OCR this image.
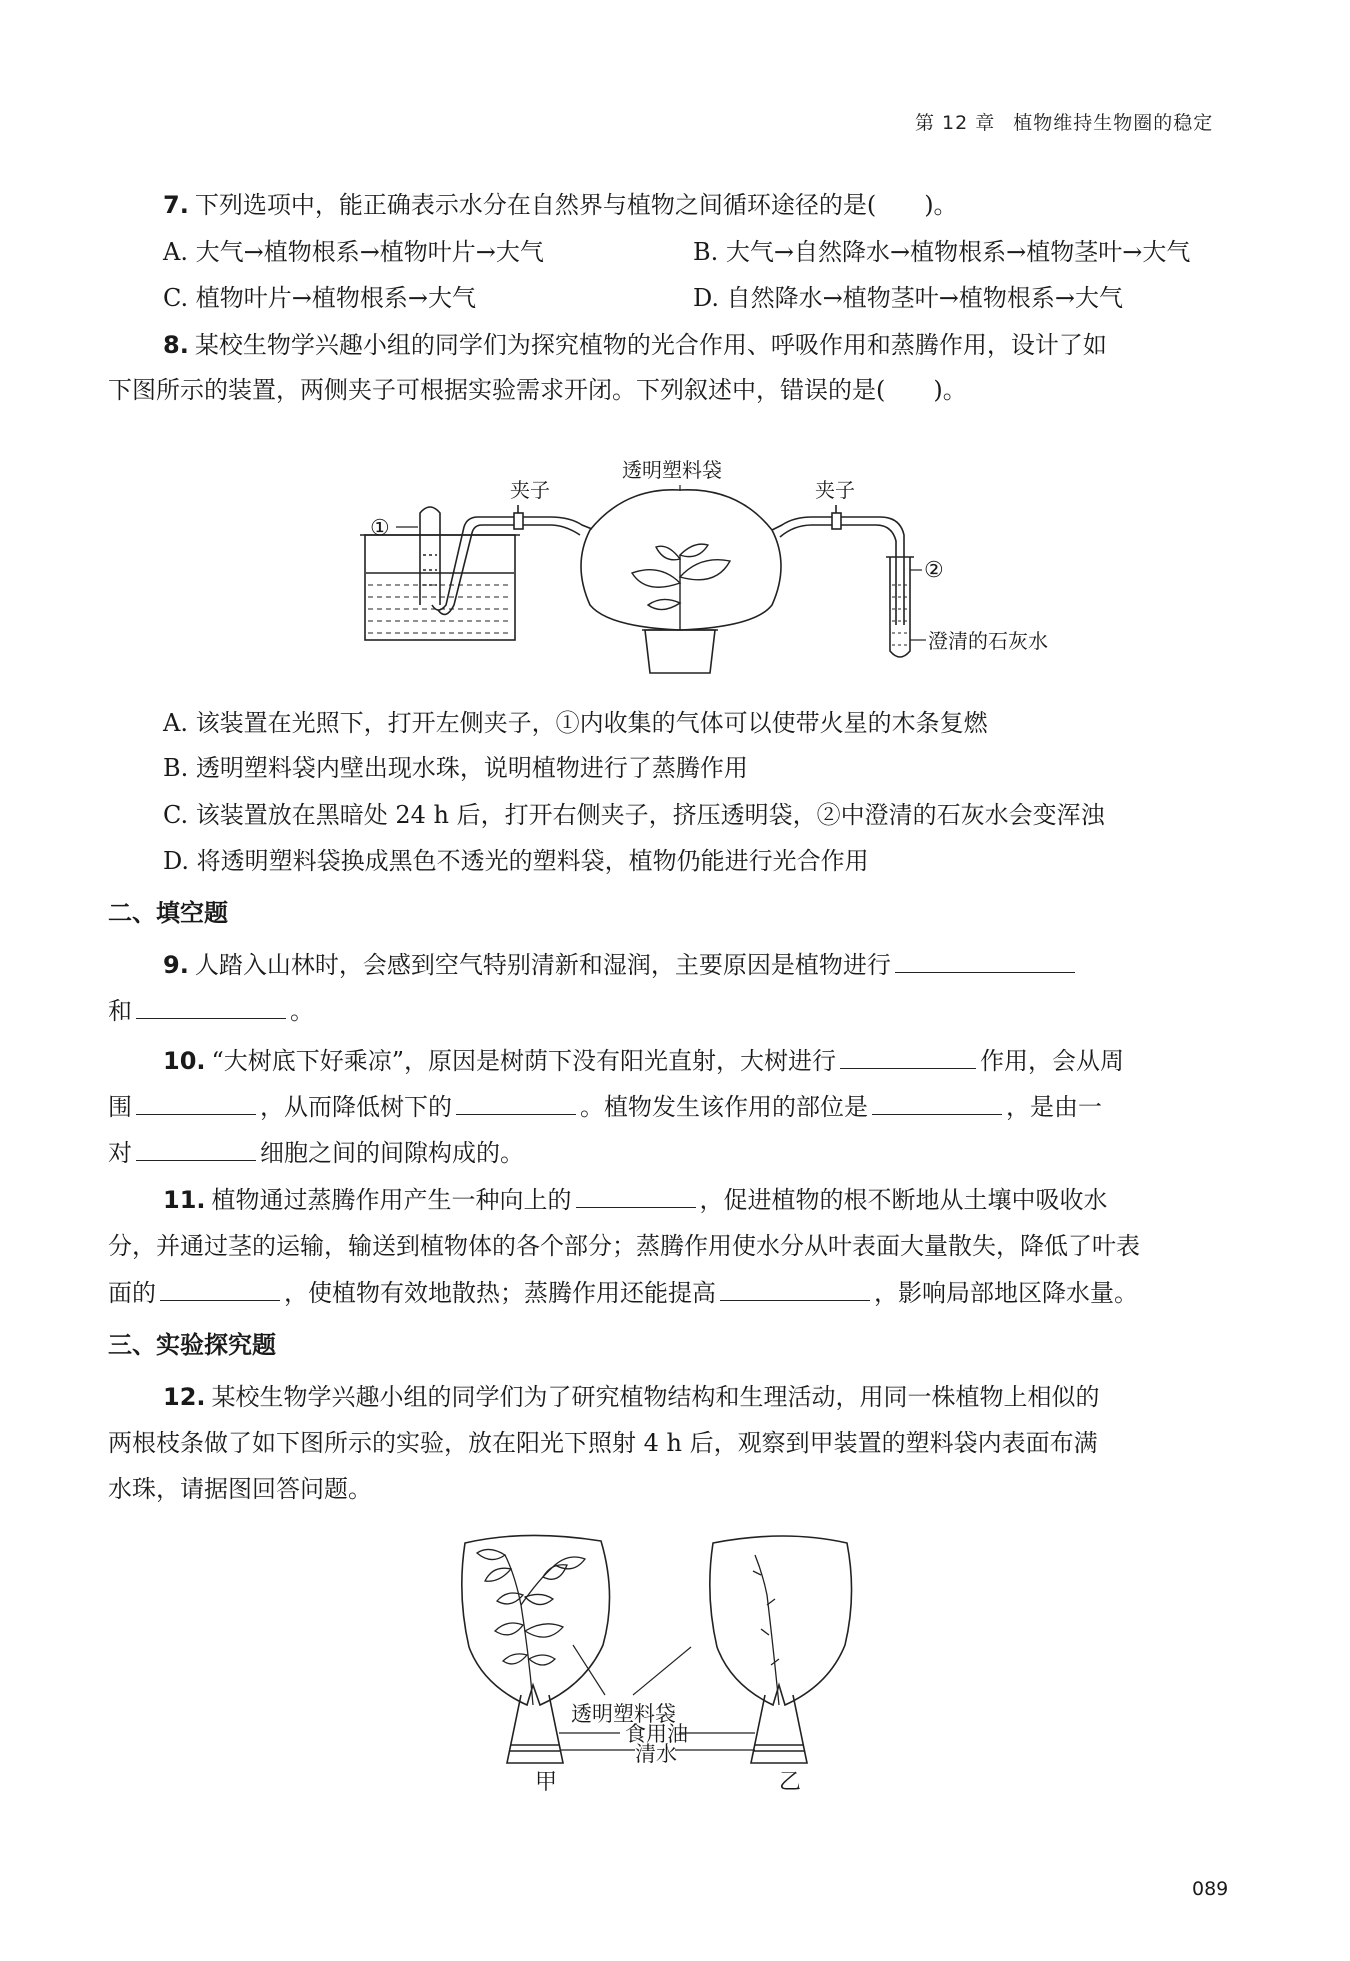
第 12 章 植物维持生物圈的稳定
7. 下列选项中，能正确表示水分在自然界与植物之间循环途径的是(　　)。
A. 大气→植物根系→植物叶片→大气	B. 大气→自然降水→植物根系→植物茎叶→大气
C. 植物叶片→植物根系→大气	D. 自然降水→植物茎叶→植物根系→大气
8. 某校生物学兴趣小组的同学们为探究植物的光合作用、呼吸作用和蒸腾作用，设计了如
下图所示的装置，两侧夹子可根据实验需求开闭。下列叙述中，错误的是(　　)。
透明塑料袋
夹子	夹子
①
②
澄清的石灰水
A. 该装置在光照下，打开左侧夹子，①内收集的气体可以使带火星的木条复燃
B. 透明塑料袋内壁出现水珠，说明植物进行了蒸腾作用
C. 该装置放在黑暗处 24 h 后，打开右侧夹子，挤压透明袋，②中澄清的石灰水会变浑浊
D. 将透明塑料袋换成黑色不透光的塑料袋，植物仍能进行光合作用
二、填空题
9. 人踏入山林时，会感到空气特别清新和湿润，主要原因是植物进行
和	。
10. “大树底下好乘凉”，原因是树荫下没有阳光直射，大树进行	作用，会从周
围	，从而降低树下的	。植物发生该作用的部位是	，是由一
对	细胞之间的间隙构成的。
11. 植物通过蒸腾作用产生一种向上的	，促进植物的根不断地从土壤中吸收水
分，并通过茎的运输，输送到植物体的各个部分；蒸腾作用使水分从叶表面大量散失，降低了叶表
面的	，使植物有效地散热；蒸腾作用还能提高	，影响局部地区降水量。
三、实验探究题
12. 某校生物学兴趣小组的同学们为了研究植物结构和生理活动，用同一株植物上相似的
两根枝条做了如下图所示的实验，放在阳光下照射 4 h 后，观察到甲装置的塑料袋内表面布满
水珠，请据图回答问题。
透明塑料袋
食用油
清水
甲	乙
089
